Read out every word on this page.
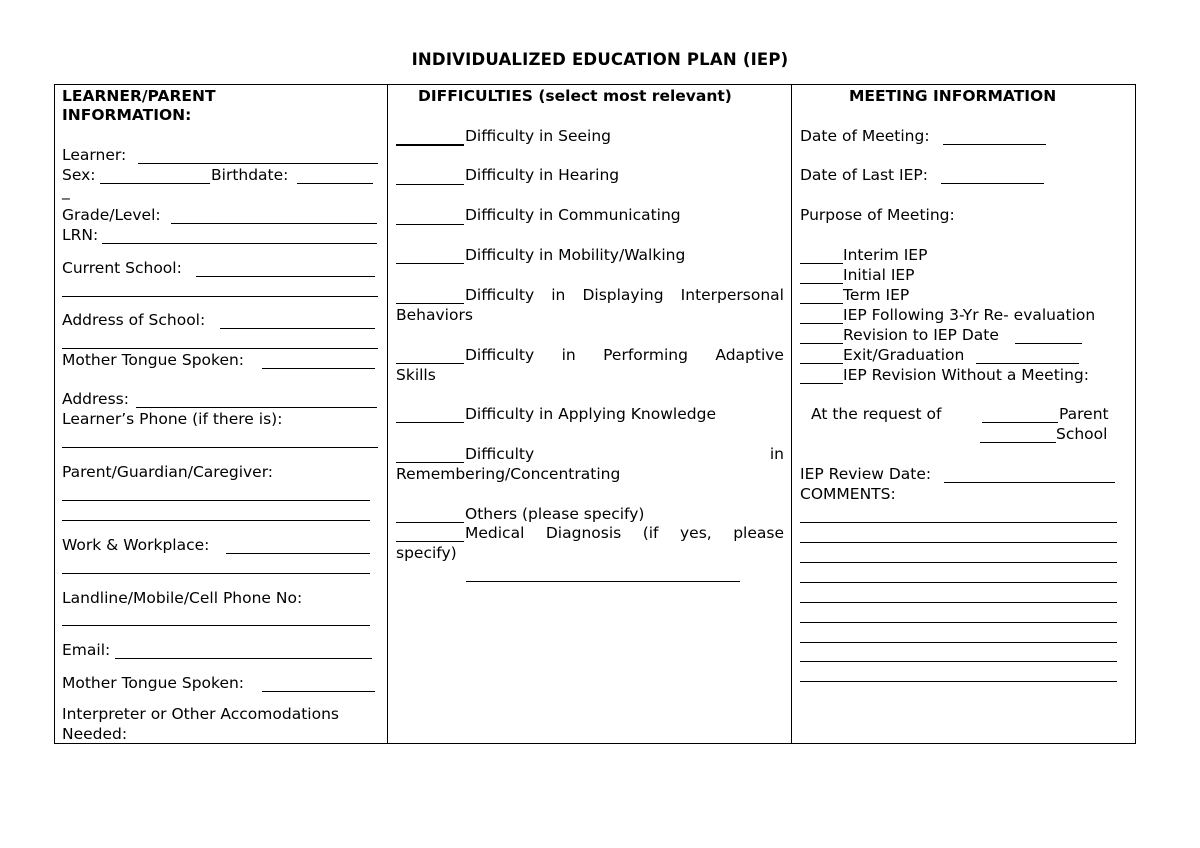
INDIVIDUALIZED EDUCATION PLAN (IEP)
LEARNER/PARENT
INFORMATION:
Learner:
Sex:	Birthdate:
_
Grade/Level:
LRN:
Current School:
Address of School:
Mother Tongue Spoken:
Address:
Learner’s Phone (if there is):
Parent/Guardian/Caregiver:
Work & Workplace:
Landline/Mobile/Cell Phone No:
Email:
Mother Tongue Spoken:
Interpreter or Other Accomodations
Needed:
DIFFICULTIES (select most relevant)
Difficulty in Seeing
Difficulty in Hearing
Difficulty in Communicating
Difficulty in Mobility/Walking
Difficulty in Displaying Interpersonal
Behaviors
Difficulty in Performing Adaptive
Skills
Difficulty in Applying Knowledge
Difficulty	in
Remembering/Concentrating
Others (please specify)
Medical Diagnosis (if yes, please
specify)
MEETING INFORMATION
Date of Meeting:
Date of Last IEP:
Purpose of Meeting:
Interim IEP
Initial IEP
Term IEP
IEP Following 3-Yr Re- evaluation
Revision to IEP Date
Exit/Graduation
IEP Revision Without a Meeting:
At the request of	Parent
School
IEP Review Date:
COMMENTS:
